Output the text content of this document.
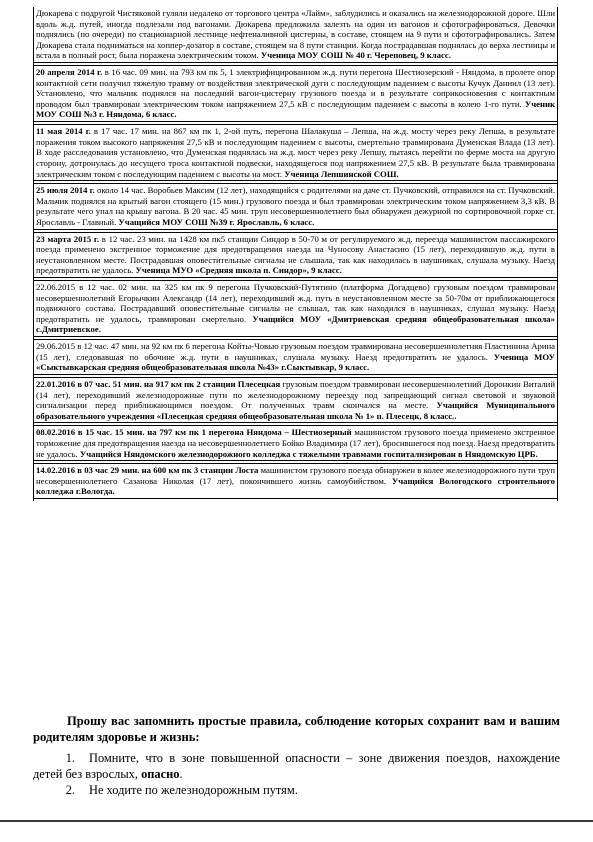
Дюкарева с подругой Чистяковой гуляли недалеко от торгового центра «Лайм», заблудились и оказались на железнодорожной дороге. Шли вдоль ж.д. путей, иногда подлезали под вагонами. Дюкарева предложила залезть на один из вагонов и сфотографироваться. Девочки поднялись (по очереди) по стационарной лестнице нефтеналивной цистерны, в составе, стоящем на 9 пути и сфотографировались. Затем Дюкарева стала подниматься на хоппер-дозатор в составе, стоящем на 8 пути станции. Когда пострадавшая поднялась до верха лестницы и встала в полный рост, была поражена электрическим током. Ученица МОУ СОШ № 40 г. Череповец, 9 класс.
20 апреля 2014 г. в 16 час. 09 мин. на 793 км пк 5, 1 электрифицированном ж.д. пути перегона Шестиозерский - Няндома, в пролете опор контактной сети получил тяжелую травму от воздействия электрической дуги с последующим падением с высоты Кучук Даниил (13 лет). Установлено, что мальчик поднялся на последний вагон-цистерну грузового поезда и в результате соприкосновения с контактным проводом был травмирован электрическим током напряжением 27,5 кВ с последующим падением с высоты в колею 1-го пути. Ученик МОУ СОШ №3 г. Няндома, 6 класс.
11 мая 2014 г. в 17 час. 17 мин. на 867 км пк 1, 2-ой путь, перегона Шалакуша – Лепша, на ж.д. мосту через реку Лепша, в результате поражения током высокого напряжения 27,5 кВ и последующим падением с высоты, смертельно травмирована Думенская Влада (13 лет). В ходе расследования установлено, что Думенская поднялась на ж.д. мост через реку Лепшу, пытаясь перейти по ферме моста на другую сторону, дотронулась до несущего троса контактной подвески, находящегося под напряжением 27,5 кВ. В результате была травмирована электрическим током с последующим падением с высоты на мост. Ученица Лепшинской СОШ.
25 июля 2014 г. около 14 час. Воробьев Максим (12 лет), находящийся с родителями на даче ст. Пучковский, отправился на ст. Пучковский. Мальчик поднялся на крытый вагон стоящего (15 мин.) грузового поезда и был травмирован электрическим током напряжением 3,3 кВ. В результате чего упал на крышу вагона. В 20 час. 45 мин. труп несовершеннолетнего был обнаружен дежурной по сортировочной горке ст. Ярославль - Главный. Учащийся МОУ СОШ №39 г. Ярославль, 6 класс.
23 марта 2015 г. в 12 час. 23 мин. на 1428 км пк5 станции Синдор в 50-70 м от регулируемого ж.д. переезда машинистом пассажирского поезда применено экстренное торможение для предотвращения наезда на Чуносову Анастасию (15 лет), переходившую ж.д. пути в неустановленном месте. Пострадавшая оповестительные сигналы не слышала, так как находилась в наушниках, слушала музыку. Наезд предотвратить не удалось. Ученица МУО «Средняя школа п. Синдор», 9 класс.
22.06.2015 в 12 час. 02 мин. на 325 км пк 9 перегона Пучковский-Путятино (платформа Догадцево) грузовым поездом травмирован несовершеннолетний Егорычкин Александр (14 лет), переходивший ж.д. путь в неустановленном месте за 50-70м от приближающегося подвижного состава. Пострадавший оповестительные сигналы не слышал, так как находился в наушниках, слушал музыку. Наезд предотвратить не удалось, травмирован смертельно. Учащийся МОУ «Дмитриевская средняя общеобразовательная школа» с.Дмитриевское.
29.06.2015 в 12 час. 47 мин. на 92 км пк 6 перегона Койты-Човью грузовым поездом травмирована несовершеннолетняя Пластинина Арина (15 лет), следовавшая по обочине ж.д. пути в наушниках, слушала музыку. Наезд предотвратить не удалось. Ученица МОУ «Сыктывкарская средняя общеобразовательная школа №43» г.Сыктывкар, 9 класс.
22.01.2016 в 07 час. 51 мин. на 917 км пк 2 станции Плесецкая грузовым поездом травмирован несовершеннолетний Доронкин Виталий (14 лет), переходивший железнодорожные пути по железнодорожному переезду под запрещающий сигнал световой и звуковой сигнализации перед приближающимся поездом. От полученных травм скончался на месте. Учащийся Муниципального образовательного учреждения «Плесецкая средняя общеобразовательная школа № 1» п. Плесецк, 8 класс..
08.02.2016 в 15 час. 15 мин. на 797 км пк 1 перегона Няндома – Шестиозерный машинистом грузового поезда применено экстренное торможение для предотвращения наезда на несовершеннолетнего Бойко Владимира (17 лет), бросившегося под поезд. Наезд предотвратить не удалось. Учащийся Няндомского железнодорожного колледжа с тяжелыми травмами госпитализирован в Няндомскую ЦРБ.
14.02.2016 в 03 час 29 мин. на 600 км пк 3 станции Лоста машинистом грузового поезда обнаружен в колее железнодорожного пути труп несовершеннолетнего Сазанова Николая (17 лет), покончившего жизнь самоубийством. Учащийся Вологодского строительного колледжа г.Вологда.
Прошу вас запомнить простые правила, соблюдение которых сохранит вам и вашим родителям здоровье и жизнь:

1. Помните, что в зоне повышенной опасности – зоне движения поездов, нахождение детей без взрослых, опасно.

2. Не ходите по железнодорожным путям.
